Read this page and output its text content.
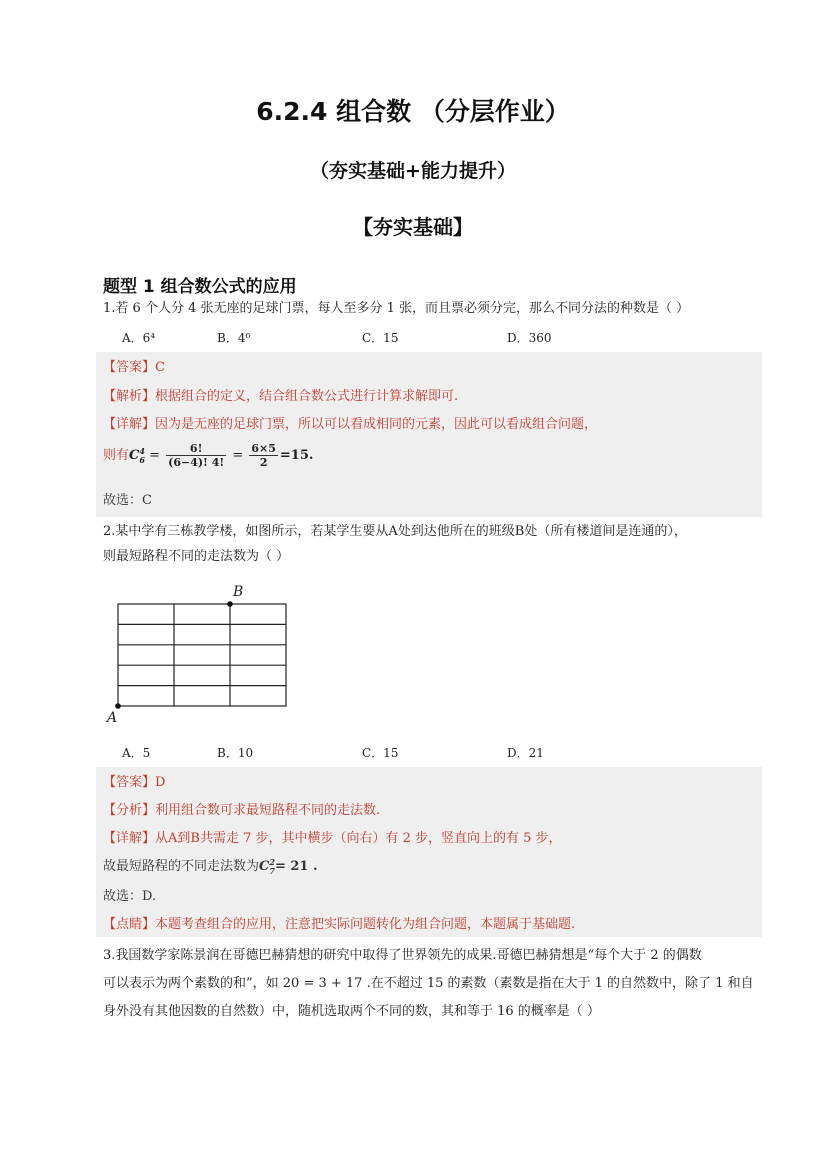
6.2.4 组合数 （分层作业）
（夯实基础+能力提升）
【夯实基础】
题型 1 组合数公式的应用
1.若 6 个人分 4 张无座的足球门票，每人至多分 1 张，而且票必须分完，那么不同分法的种数是（ ）
A．6⁴	B．4⁶	C．15	D．360
【答案】C
【解析】根据组合的定义，结合组合数公式进行计算求解即可.
【详解】因为是无座的足球门票，所以可以看成相同的元素，因此可以看成组合问题，
则有C 4
$6 = \frac{6!}{(6-4)! 4!} = \frac{6\times 5}{2} =15$.
故选：C
2.某中学有三栋教学楼，如图所示，若某学生要从A处到达他所在的班级B处（所有楼道间是连通的），
则最短路程不同的走法数为（ ）
B
A
A．5	B．10	C．15	D．21
【答案】D
【分析】利用组合数可求最短路程不同的走法数.
【详解】从A到B共需走 7 步，其中横步（向右）有 2 步，竖直向上的有 5 步，
故最短路程的不同走法数为C 2
7 = 21 .
故选：D.
【点睛】本题考查组合的应用，注意把实际问题转化为组合问题，本题属于基础题.
3.我国数学家陈景润在哥德巴赫猜想的研究中取得了世界领先的成果.哥德巴赫猜想是“每个大于 2 的偶数
可以表示为两个素数的和”，如 20 = 3 + 17 .在不超过 15 的素数（素数是指在大于 1 的自然数中，除了 1 和自
身外没有其他因数的自然数）中，随机选取两个不同的数，其和等于 16 的概率是（ ）
